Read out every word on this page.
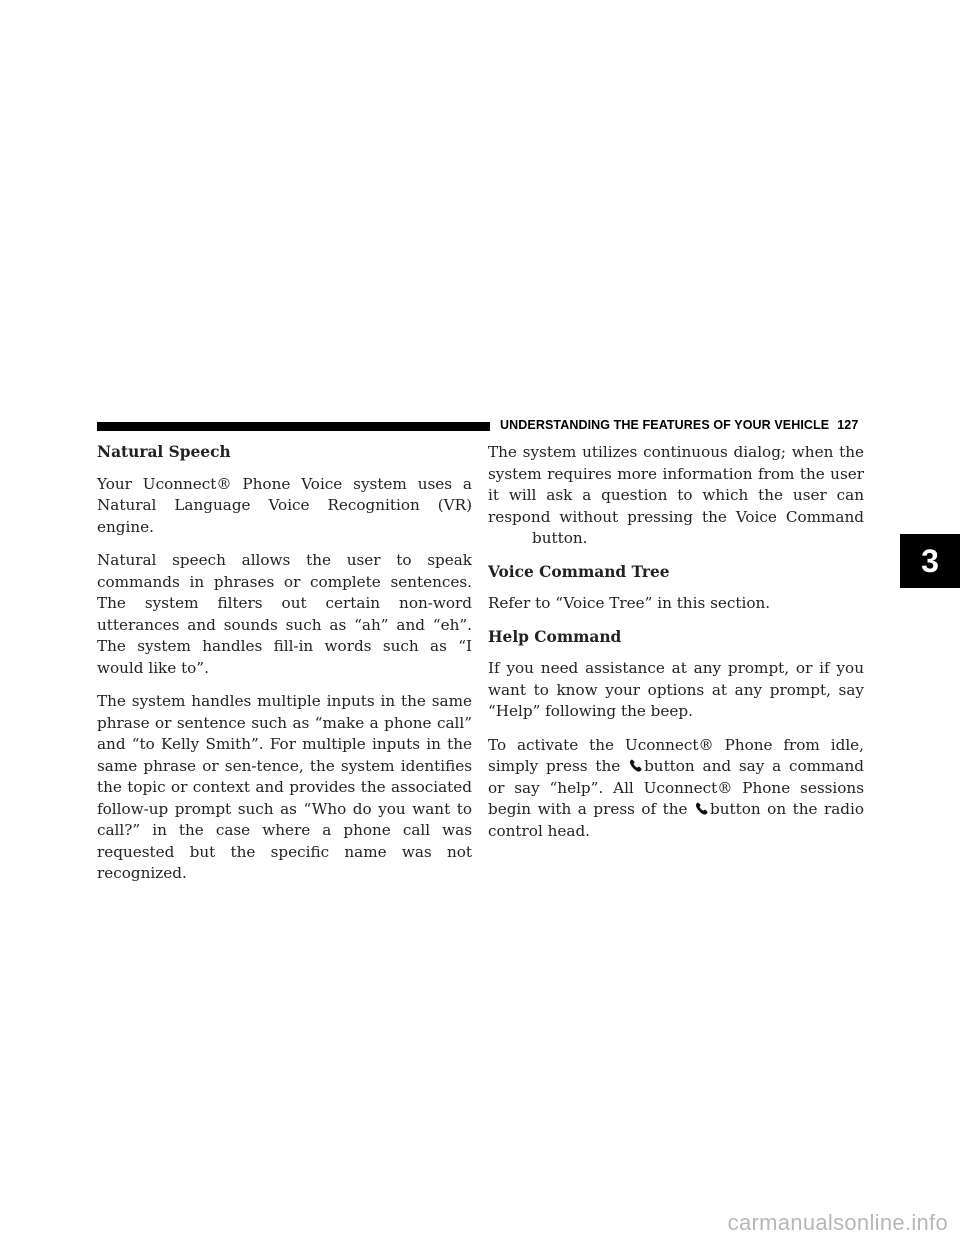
UNDERSTANDING THE FEATURES OF YOUR VEHICLE 127
Natural Speech

Your Uconnect® Phone Voice system uses a Natural Language Voice Recognition (VR) engine.

Natural speech allows the user to speak commands in phrases or complete sentences. The system filters out certain non-word utterances and sounds such as “ah” and “eh”. The system handles fill-in words such as “I would like to”.

The system handles multiple inputs in the same phrase or sentence such as “make a phone call” and “to Kelly Smith”. For multiple inputs in the same phrase or sen-tence, the system identifies the topic or context and provides the associated follow-up prompt such as “Who do you want to call?” in the case where a phone call was requested but the specific name was not recognized.

The system utilizes continuous dialog; when the system requires more information from the user it will ask a question to which the user can respond without pressing the Voice Commandbutton.

Voice Command Tree

Refer to “Voice Tree” in this section.

Help Command

If you need assistance at any prompt, or if you want to know your options at any prompt, say “Help” following the beep.

To activate the Uconnect® Phone from idle, simply press the button and say a command or say “help”. All Uconnect® Phone sessions begin with a press of the button on the radio control head.

3
carmanualsonline.info
